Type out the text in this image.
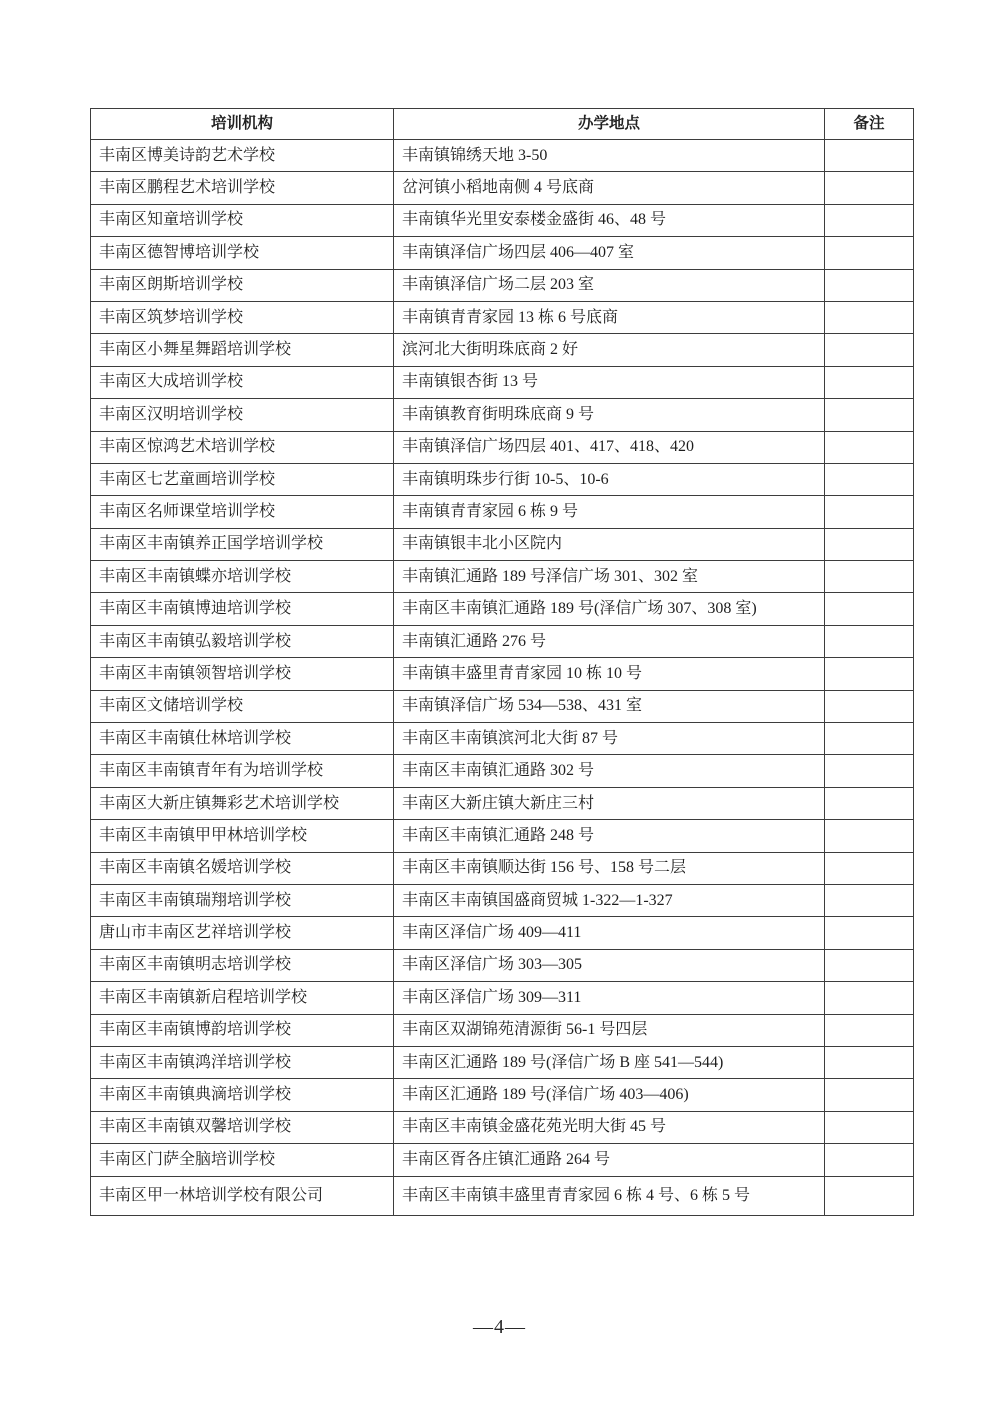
培训机构	办学地点	备注
丰南区博美诗韵艺术学校	丰南镇锦绣天地 3-50	
丰南区鹏程艺术培训学校	岔河镇小稻地南侧 4 号底商	
丰南区知童培训学校	丰南镇华光里安泰楼金盛街 46、48 号	
丰南区德智博培训学校	丰南镇泽信广场四层 406—407 室	
丰南区朗斯培训学校	丰南镇泽信广场二层 203 室	
丰南区筑梦培训学校	丰南镇青青家园 13 栋 6 号底商	
丰南区小舞星舞蹈培训学校	滨河北大街明珠底商 2 好	
丰南区大成培训学校	丰南镇银杏街 13 号	
丰南区汉明培训学校	丰南镇教育街明珠底商 9 号	
丰南区惊鸿艺术培训学校	丰南镇泽信广场四层 401、417、418、420	
丰南区七艺童画培训学校	丰南镇明珠步行街 10-5、10-6	
丰南区名师课堂培训学校	丰南镇青青家园 6 栋 9 号	
丰南区丰南镇养正国学培训学校	丰南镇银丰北小区院内	
丰南区丰南镇蝶亦培训学校	丰南镇汇通路 189 号泽信广场 301、302 室	
丰南区丰南镇博迪培训学校	丰南区丰南镇汇通路 189 号(泽信广场 307、308 室)	
丰南区丰南镇弘毅培训学校	丰南镇汇通路 276 号	
丰南区丰南镇领智培训学校	丰南镇丰盛里青青家园 10 栋 10 号	
丰南区文储培训学校	丰南镇泽信广场 534—538、431 室	
丰南区丰南镇仕林培训学校	丰南区丰南镇滨河北大街 87 号	
丰南区丰南镇青年有为培训学校	丰南区丰南镇汇通路 302 号	
丰南区大新庄镇舞彩艺术培训学校	丰南区大新庄镇大新庄三村	
丰南区丰南镇甲甲林培训学校	丰南区丰南镇汇通路 248 号	
丰南区丰南镇名媛培训学校	丰南区丰南镇顺达街 156 号、158 号二层	
丰南区丰南镇瑞翔培训学校	丰南区丰南镇国盛商贸城 1-322—1-327	
唐山市丰南区艺祥培训学校	丰南区泽信广场 409—411	
丰南区丰南镇明志培训学校	丰南区泽信广场 303—305	
丰南区丰南镇新启程培训学校	丰南区泽信广场 309—311	
丰南区丰南镇博韵培训学校	丰南区双湖锦苑清源街 56-1 号四层	
丰南区丰南镇鸿洋培训学校	丰南区汇通路 189 号(泽信广场 B 座 541—544)	
丰南区丰南镇典滴培训学校	丰南区汇通路 189 号(泽信广场 403—406)	
丰南区丰南镇双馨培训学校	丰南区丰南镇金盛花苑光明大街 45 号	
丰南区门萨全脑培训学校	丰南区胥各庄镇汇通路 264 号	
丰南区甲一林培训学校有限公司	丰南区丰南镇丰盛里青青家园 6 栋 4 号、6 栋 5 号	
—4—
